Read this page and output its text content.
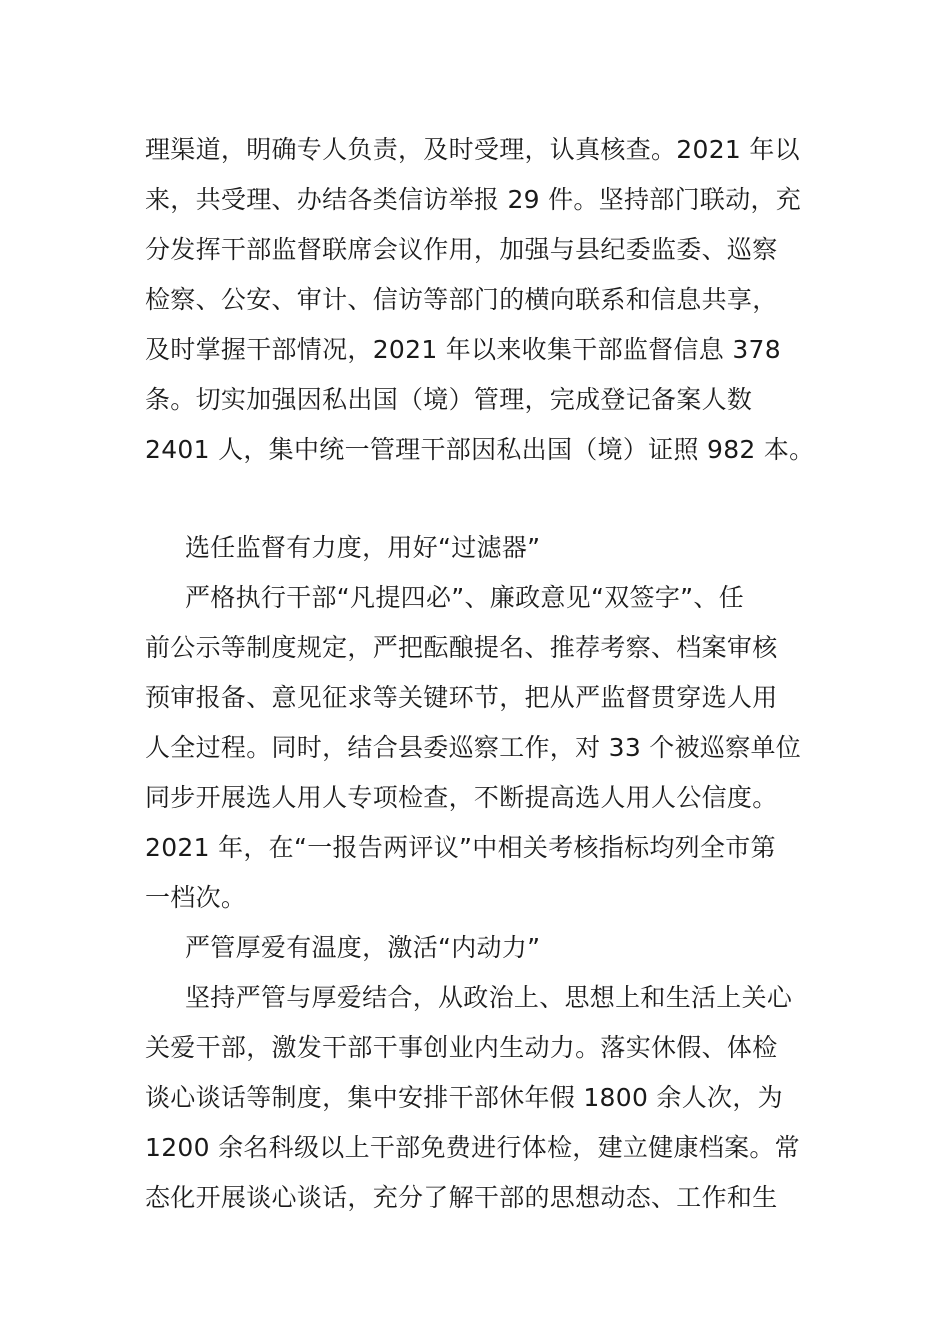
理渠道，明确专人负责，及时受理，认真核查。2021 年以
来，共受理、办结各类信访举报 29 件。坚持部门联动，充
分发挥干部监督联席会议作用，加强与县纪委监委、巡察
检察、公安、审计、信访等部门的横向联系和信息共享，
及时掌握干部情况，2021 年以来收集干部监督信息 378
条。切实加强因私出国（境）管理，完成登记备案人数
2401 人，集中统一管理干部因私出国（境）证照 982 本。
选任监督有力度，用好“过滤器”
严格执行干部“凡提四必”、廉政意见“双签字”、任
前公示等制度规定，严把酝酿提名、推荐考察、档案审核
预审报备、意见征求等关键环节，把从严监督贯穿选人用
人全过程。同时，结合县委巡察工作，对 33 个被巡察单位
同步开展选人用人专项检查，不断提高选人用人公信度。
2021 年，在“一报告两评议”中相关考核指标均列全市第
一档次。
严管厚爱有温度，激活“内动力”
坚持严管与厚爱结合，从政治上、思想上和生活上关心
关爱干部，激发干部干事创业内生动力。落实休假、体检
谈心谈话等制度，集中安排干部休年假 1800 余人次，为
1200 余名科级以上干部免费进行体检，建立健康档案。常
态化开展谈心谈话，充分了解干部的思想动态、工作和生
